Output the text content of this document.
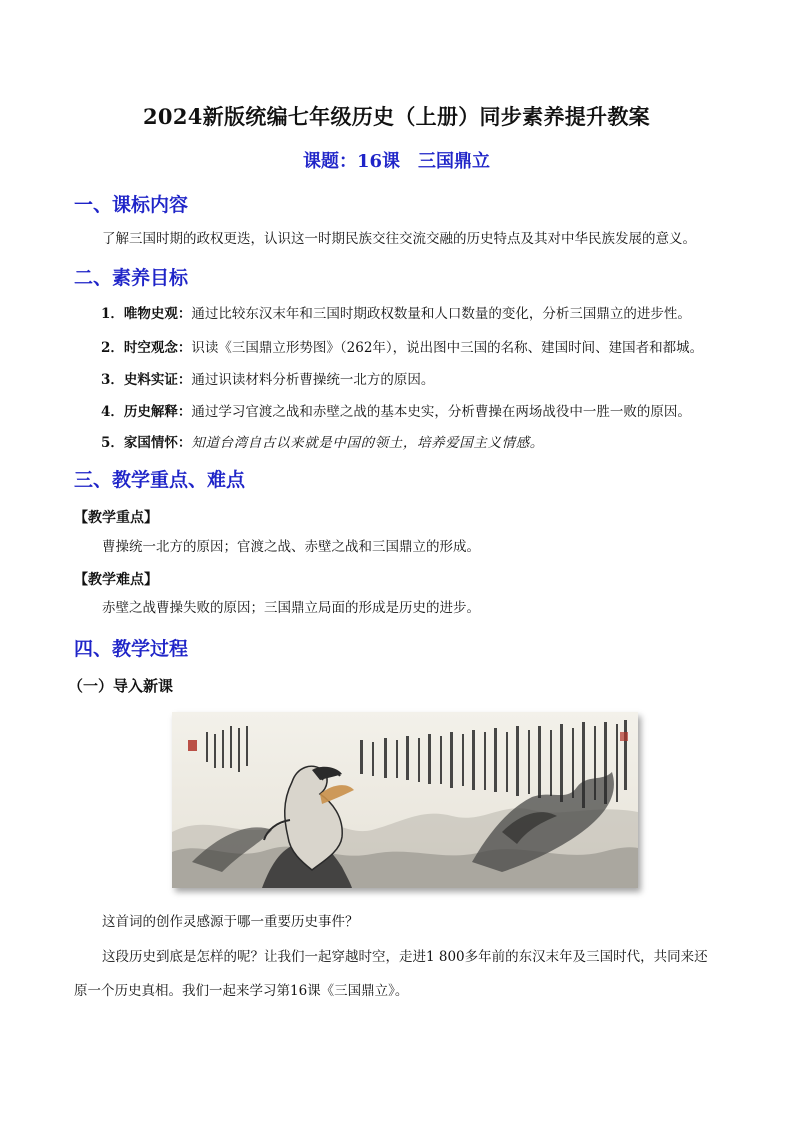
2024新版统编七年级历史（上册）同步素养提升教案
课题：16课　三国鼎立
一、课标内容
了解三国时期的政权更迭，认识这一时期民族交往交流交融的历史特点及其对中华民族发展的意义。
二、素养目标
1．唯物史观：通过比较东汉末年和三国时期政权数量和人口数量的变化，分析三国鼎立的进步性。
2．时空观念：识读《三国鼎立形势图》（262年），说出图中三国的名称、建国时间、建国者和都城。
3．史料实证：通过识读材料分析曹操统一北方的原因。
4．历史解释：通过学习官渡之战和赤壁之战的基本史实，分析曹操在两场战役中一胜一败的原因。
5．家国情怀：知道台湾自古以来就是中国的领土，培养爱国主义情感。
三、教学重点、难点
【教学重点】
曹操统一北方的原因；官渡之战、赤壁之战和三国鼎立的形成。
【教学难点】
赤壁之战曹操失败的原因；三国鼎立局面的形成是历史的进步。
四、教学过程
（一）导入新课
这首词的创作灵感源于哪一重要历史事件？
这段历史到底是怎样的呢？让我们一起穿越时空，走进1 800多年前的东汉末年及三国时代，共同来还
原一个历史真相。我们一起来学习第16课《三国鼎立》。
